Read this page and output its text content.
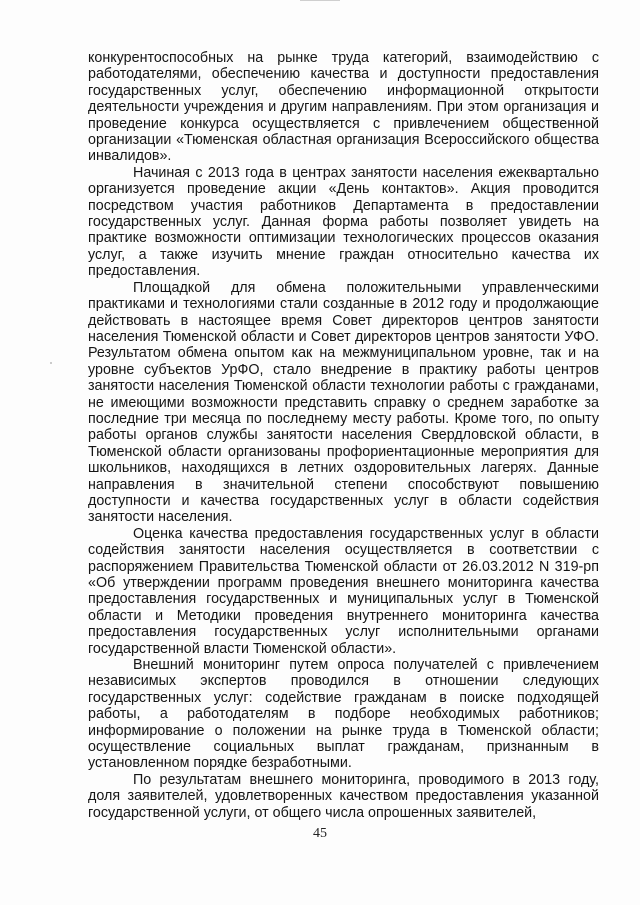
конкурентоспособных на рынке труда категорий, взаимодействию с работодателями, обеспечению качества и доступности предоставления государственных услуг, обеспечению информационной открытости деятельности учреждения и другим направлениям. При этом организация и проведение конкурса осуществляется с привлечением общественной организации «Тюменская областная организация Всероссийского общества инвалидов».

Начиная с 2013 года в центрах занятости населения ежеквартально организуется проведение акции «День контактов». Акция проводится посредством участия работников Департамента в предоставлении государственных услуг. Данная форма работы позволяет увидеть на практике возможности оптимизации технологических процессов оказания услуг, а также изучить мнение граждан относительно качества их предоставления.

Площадкой для обмена положительными управленческими практиками и технологиями стали созданные в 2012 году и продолжающие действовать в настоящее время Совет директоров центров занятости населения Тюменской области и Совет директоров центров занятости УФО. Результатом обмена опытом как на межмуниципальном уровне, так и на уровне субъектов УрФО, стало внедрение в практику работы центров занятости населения Тюменской области технологии работы с гражданами, не имеющими возможности представить справку о среднем заработке за последние три месяца по последнему месту работы. Кроме того, по опыту работы органов службы занятости населения Свердловской области, в Тюменской области организованы профориентационные мероприятия для школьников, находящихся в летних оздоровительных лагерях. Данные направления в значительной степени способствуют повышению доступности и качества государственных услуг в области содействия занятости населения.

Оценка качества предоставления государственных услуг в области содействия занятости населения осуществляется в соответствии с распоряжением Правительства Тюменской области от 26.03.2012 N 319-рп «Об утверждении программ проведения внешнего мониторинга качества предоставления государственных и муниципальных услуг в Тюменской области и Методики проведения внутреннего мониторинга качества предоставления государственных услуг исполнительными органами государственной власти Тюменской области».

Внешний мониторинг путем опроса получателей с привлечением независимых экспертов проводился в отношении следующих государственных услуг: содействие гражданам в поиске подходящей работы, а работодателям в подборе необходимых работников; информирование о положении на рынке труда в Тюменской области; осуществление социальных выплат гражданам, признанным в установленном порядке безработными.

По результатам внешнего мониторинга, проводимого в 2013 году, доля заявителей, удовлетворенных качеством предоставления указанной государственной услуги, от общего числа опрошенных заявителей,

45
